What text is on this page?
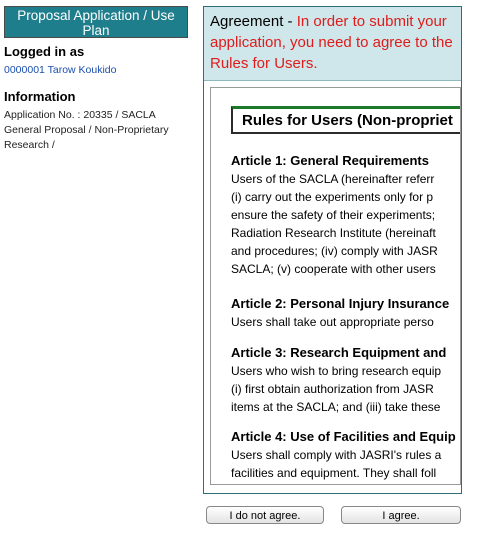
Proposal Application / Use Plan
Logged in as
0000001 Tarow Koukido
Information
Application No. : 20335 / SACLA General Proposal / Non-Proprietary Research /
Agreement - In order to submit your application, you need to agree to the Rules for Users.
Rules for Users (Non-propriet
Article 1: General Requirements

Users of the SACLA (hereinafter referr

(i) carry out the experiments only for p

ensure the safety of their experiments;

Radiation Research Institute (hereinaft

and procedures; (iv) comply with JASR

SACLA; (v) cooperate with other users

Article 2: Personal Injury Insurance

Users shall take out appropriate perso

Article 3: Research Equipment and

Users who wish to bring research equip

(i) first obtain authorization from JASR

items at the SACLA; and (iii) take these

Article 4: Use of Facilities and Equip

Users shall comply with JASRI's rules a

facilities and equipment. They shall foll

I do not agree.	I agree.
